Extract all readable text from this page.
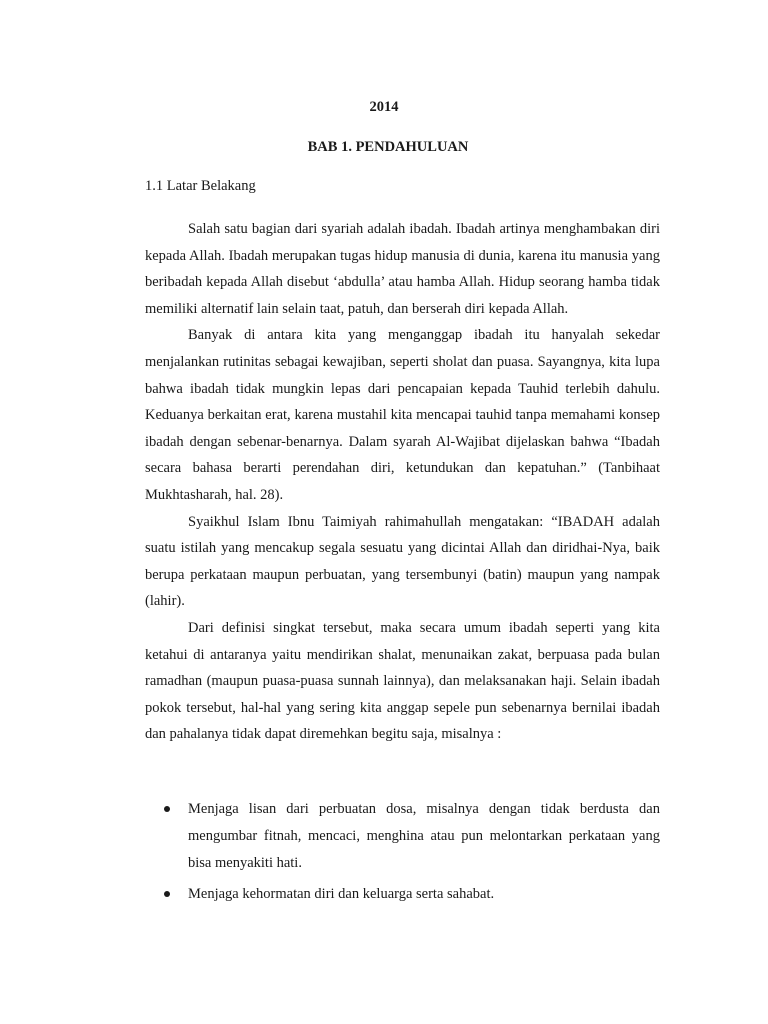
2014
BAB 1. PENDAHULUAN
1.1 Latar Belakang

Salah satu bagian dari syariah adalah ibadah. Ibadah artinya menghambakan diri kepada Allah. Ibadah merupakan tugas hidup manusia di dunia, karena itu manusia yang beribadah kepada Allah disebut ‘abdulla’ atau hamba Allah. Hidup seorang hamba tidak memiliki alternatif lain selain taat, patuh, dan berserah diri kepada Allah.

Banyak di antara kita yang menganggap ibadah itu hanyalah sekedar menjalankan rutinitas sebagai kewajiban, seperti sholat dan puasa. Sayangnya, kita lupa bahwa ibadah tidak mungkin lepas dari pencapaian kepada Tauhid terlebih dahulu. Keduanya berkaitan erat, karena mustahil kita mencapai tauhid tanpa memahami konsep ibadah dengan sebenar-benarnya. Dalam syarah Al-Wajibat dijelaskan bahwa “Ibadah secara bahasa berarti perendahan diri, ketundukan dan kepatuhan.” (Tanbihaat Mukhtasharah, hal. 28).

Syaikhul Islam Ibnu Taimiyah rahimahullah mengatakan: “IBADAH adalah suatu istilah yang mencakup segala sesuatu yang dicintai Allah dan diridhai-Nya, baik berupa perkataan maupun perbuatan, yang tersembunyi (batin) maupun yang nampak (lahir).

Dari definisi singkat tersebut, maka secara umum ibadah seperti yang kita ketahui di antaranya yaitu mendirikan shalat, menunaikan zakat, berpuasa pada bulan ramadhan (maupun puasa-puasa sunnah lainnya), dan melaksanakan haji. Selain ibadah pokok tersebut, hal-hal yang sering kita anggap sepele pun sebenarnya bernilai ibadah dan pahalanya tidak dapat diremehkan begitu saja, misalnya :

Menjaga lisan dari perbuatan dosa, misalnya dengan tidak berdusta dan mengumbar fitnah, mencaci, menghina atau pun melontarkan perkataan yang bisa menyakiti hati.
Menjaga kehormatan diri dan keluarga serta sahabat.
